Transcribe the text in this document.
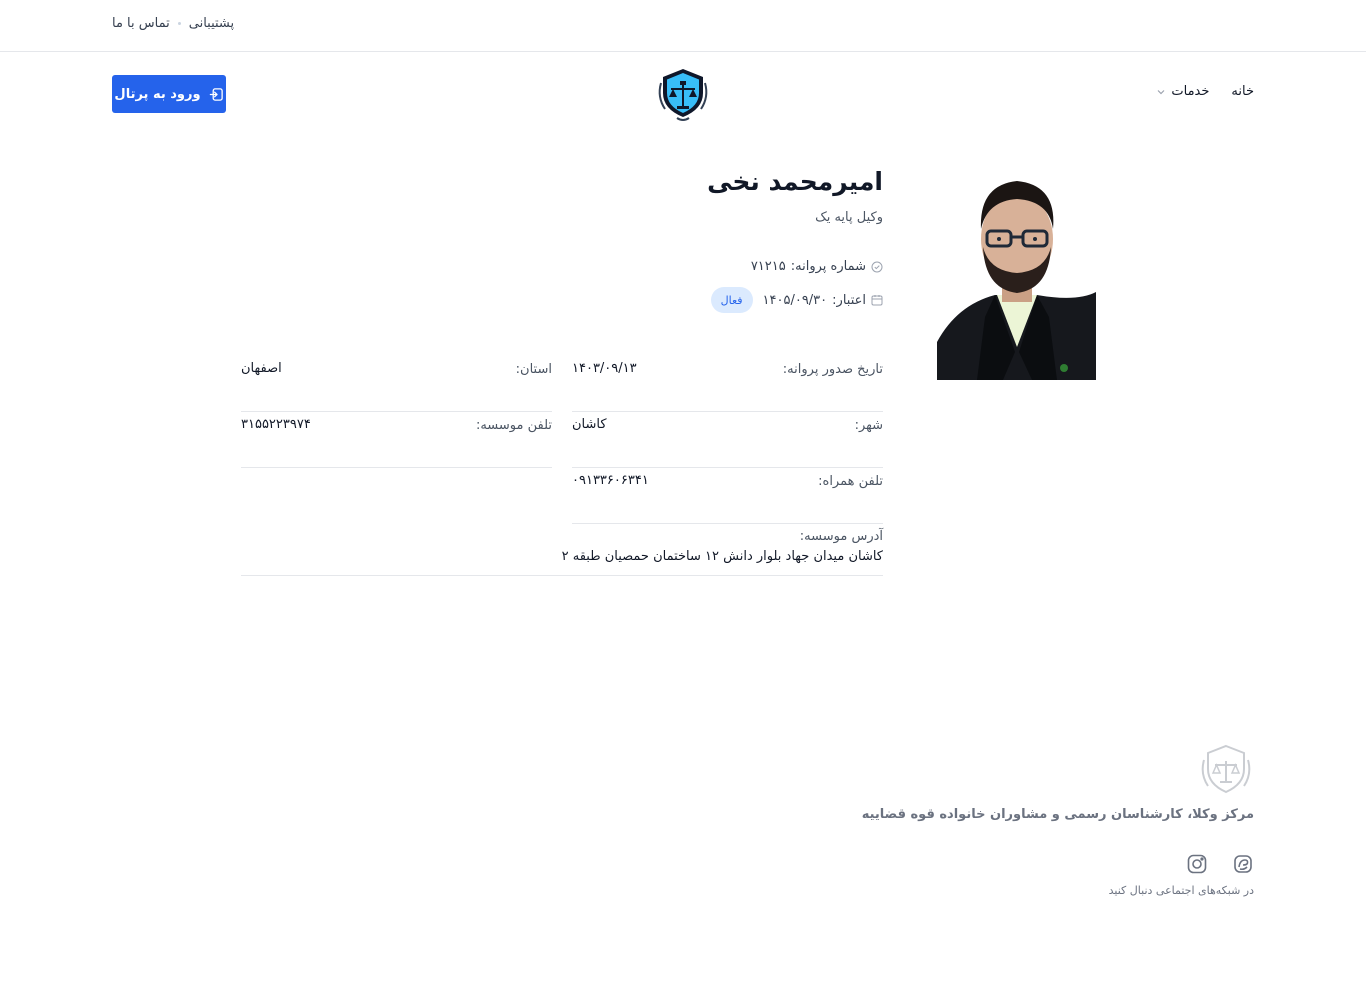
پشتیبانی
تماس با ما
ورود به پرتال	خانه
خدمات
امیرمحمد نخی
وکیل پایه یک
شماره پروانه:
۷۱۲۱۵
اعتبار:
۱۴۰۵/۰۹/۳۰
فعال
تاریخ صدور پروانه:
۱۴۰۳/۰۹/۱۳
استان:
اصفهان
شهر:
کاشان
تلفن موسسه:
۳۱۵۵۲۲۳۹۷۴
تلفن همراه:
۰۹۱۳۳۶۰۶۳۴۱
آدرس موسسه:
کاشان میدان جهاد بلوار دانش ۱۲ ساختمان حمصیان طبقه ۲
مرکز وکلا، کارشناسان رسمی و مشاوران خانواده قوه قضاییه
در شبکه‌های اجتماعی دنبال کنید
